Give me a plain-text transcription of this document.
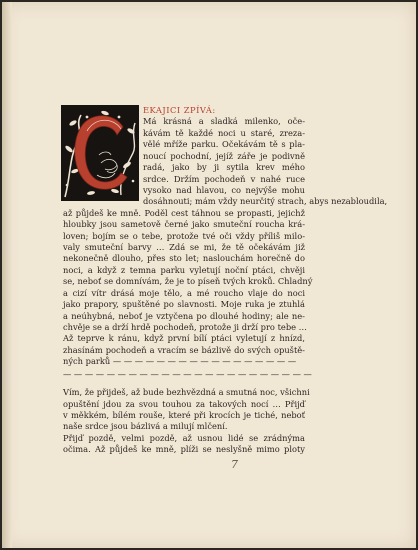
EKAJICI ZPÍVÁ:
Má krásná a sladká milenko, oče-
kávám tě každé noci u staré, zreza-
vělé mříže parku. Očekávám tě s pla-
noucí pochodní, jejíž záře je podivně
radá, jako by ji sytila krev mého
srdce. Držím pochodeň v nahé ruce
vysoko nad hlavou, co nejvýše mohu
dosáhnouti; mám vždy neurčitý strach, abys nezabloudila,
až půjdeš ke mně. Poděl cest táhnou se propasti, jejichž
hloubky jsou sametově černé jako smuteční roucha krá-
loven; bojím se o tebe, protože tvé oči vždy příliš milo-
valy smuteční barvy … Zdá se mi, že tě očekávám již
nekonečně dlouho, přes sto let; naslouchám horečně do
noci, a když z temna parku vyletují noční ptáci, chvěji
se, neboť se domnívám, že je to píseň tvých kroků. Chladný
a cizí vítr drásá moje tělo, a mé roucho vlaje do noci
jako prapory, spuštěné po slavnosti. Moje ruka je ztuhlá
a neúhybná, neboť je vztyčena po dlouhé hodiny; ale ne-
chvěje se a drží hrdě pochodeň, protože ji drží pro tebe …
Až teprve k ránu, když první bílí ptáci vyletují z hnízd,
zhasínám pochodeň a vracím se bázlivě do svých opuště-
ných parků — — — — — — — — — — — — — — — — —
— — — — — — — — — — — — — — — — — — — — — — —
Vím, že přijdeš, až bude bezhvězdná a smutná noc, všichni
opuštění jdou za svou touhou za takových nocí … Přijď
v měkkém, bílém rouše, které při krocích je tiché, neboť
naše srdce jsou bázlivá a milují mlčení.
Přijď pozdě, velmi pozdě, až usnou lidé se zrádnýma
očima. Až půjdeš ke mně, plíži se neslyšně mimo ploty
7
